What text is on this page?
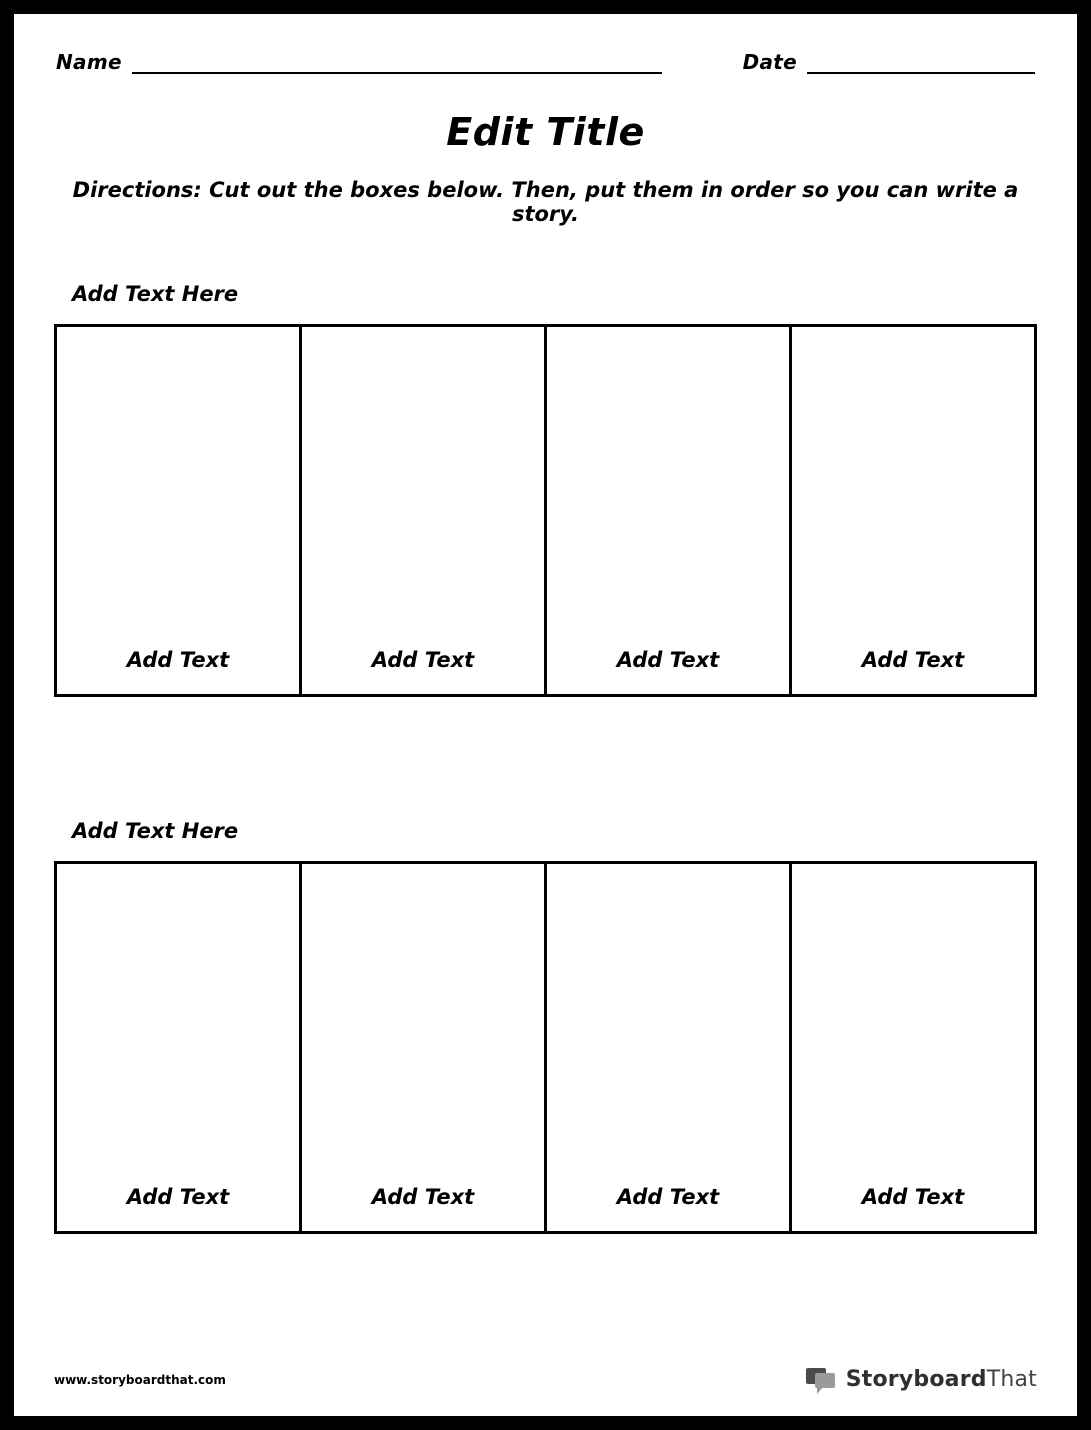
Name	Date
Edit Title
Directions: Cut out the boxes below. Then, put them in order so you can write a story.
Add Text Here
Add Text	Add Text	Add Text	Add Text
Add Text Here
Add Text	Add Text	Add Text	Add Text
www.storyboardthat.com	StoryboardThat
